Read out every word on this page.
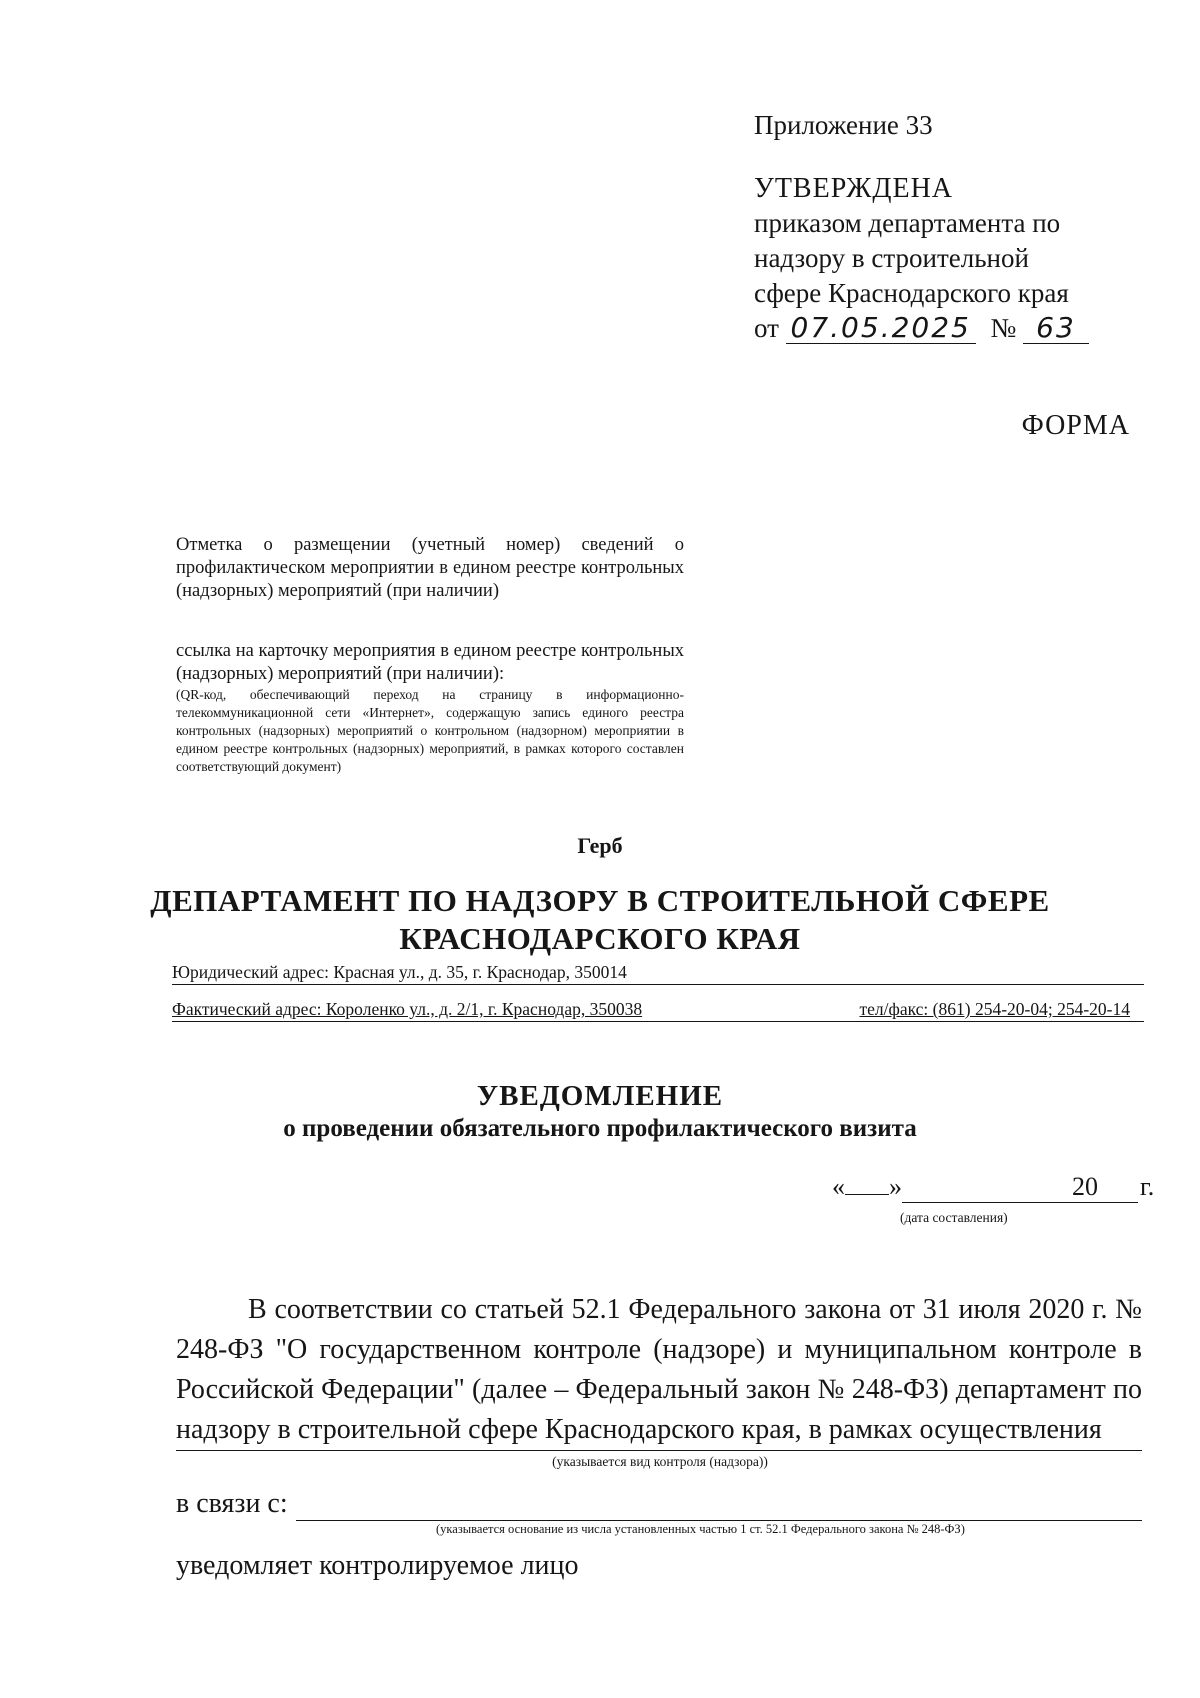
Приложение 33
УТВЕРЖДЕНА
приказом департамента по
надзору в строительной
сфере Краснодарского края
от 07.05.2025 № 63
ФОРМА
Отметка о размещении (учетный номер) сведений о профилактическом мероприятии в едином реестре контрольных (надзорных) мероприятий (при наличии)
ссылка на карточку мероприятия в едином реестре контрольных (надзорных) мероприятий (при наличии):
(QR-код, обеспечивающий переход на страницу в информационно-телекоммуникационной сети «Интернет», содержащую запись единого реестра контрольных (надзорных) мероприятий о контрольном (надзорном) мероприятии в едином реестре контрольных (надзорных) мероприятий, в рамках которого составлен соответствующий документ)
Герб
ДЕПАРТАМЕНТ ПО НАДЗОРУ В СТРОИТЕЛЬНОЙ СФЕРЕ
КРАСНОДАРСКОГО КРАЯ
Юридический адрес: Красная ул., д. 35, г. Краснодар, 350014
Фактический адрес: Короленко ул., д. 2/1, г. Краснодар, 350038	тел/факс: (861) 254-20-04; 254-20-14
УВЕДОМЛЕНИЕ
о проведении обязательного профилактического визита
« »	20 г.
(дата составления)
В соответствии со статьей 52.1 Федерального закона от 31 июля 2020 г. № 248-ФЗ "О государственном контроле (надзоре) и муниципальном контроле в Российской Федерации" (далее – Федеральный закон № 248-ФЗ) департамент по надзору в строительной сфере Краснодарского края, в рамках осуществления
(указывается вид контроля (надзора))
в связи с:
(указывается основание из числа установленных частью 1 ст. 52.1 Федерального закона № 248-ФЗ)
уведомляет контролируемое лицо
